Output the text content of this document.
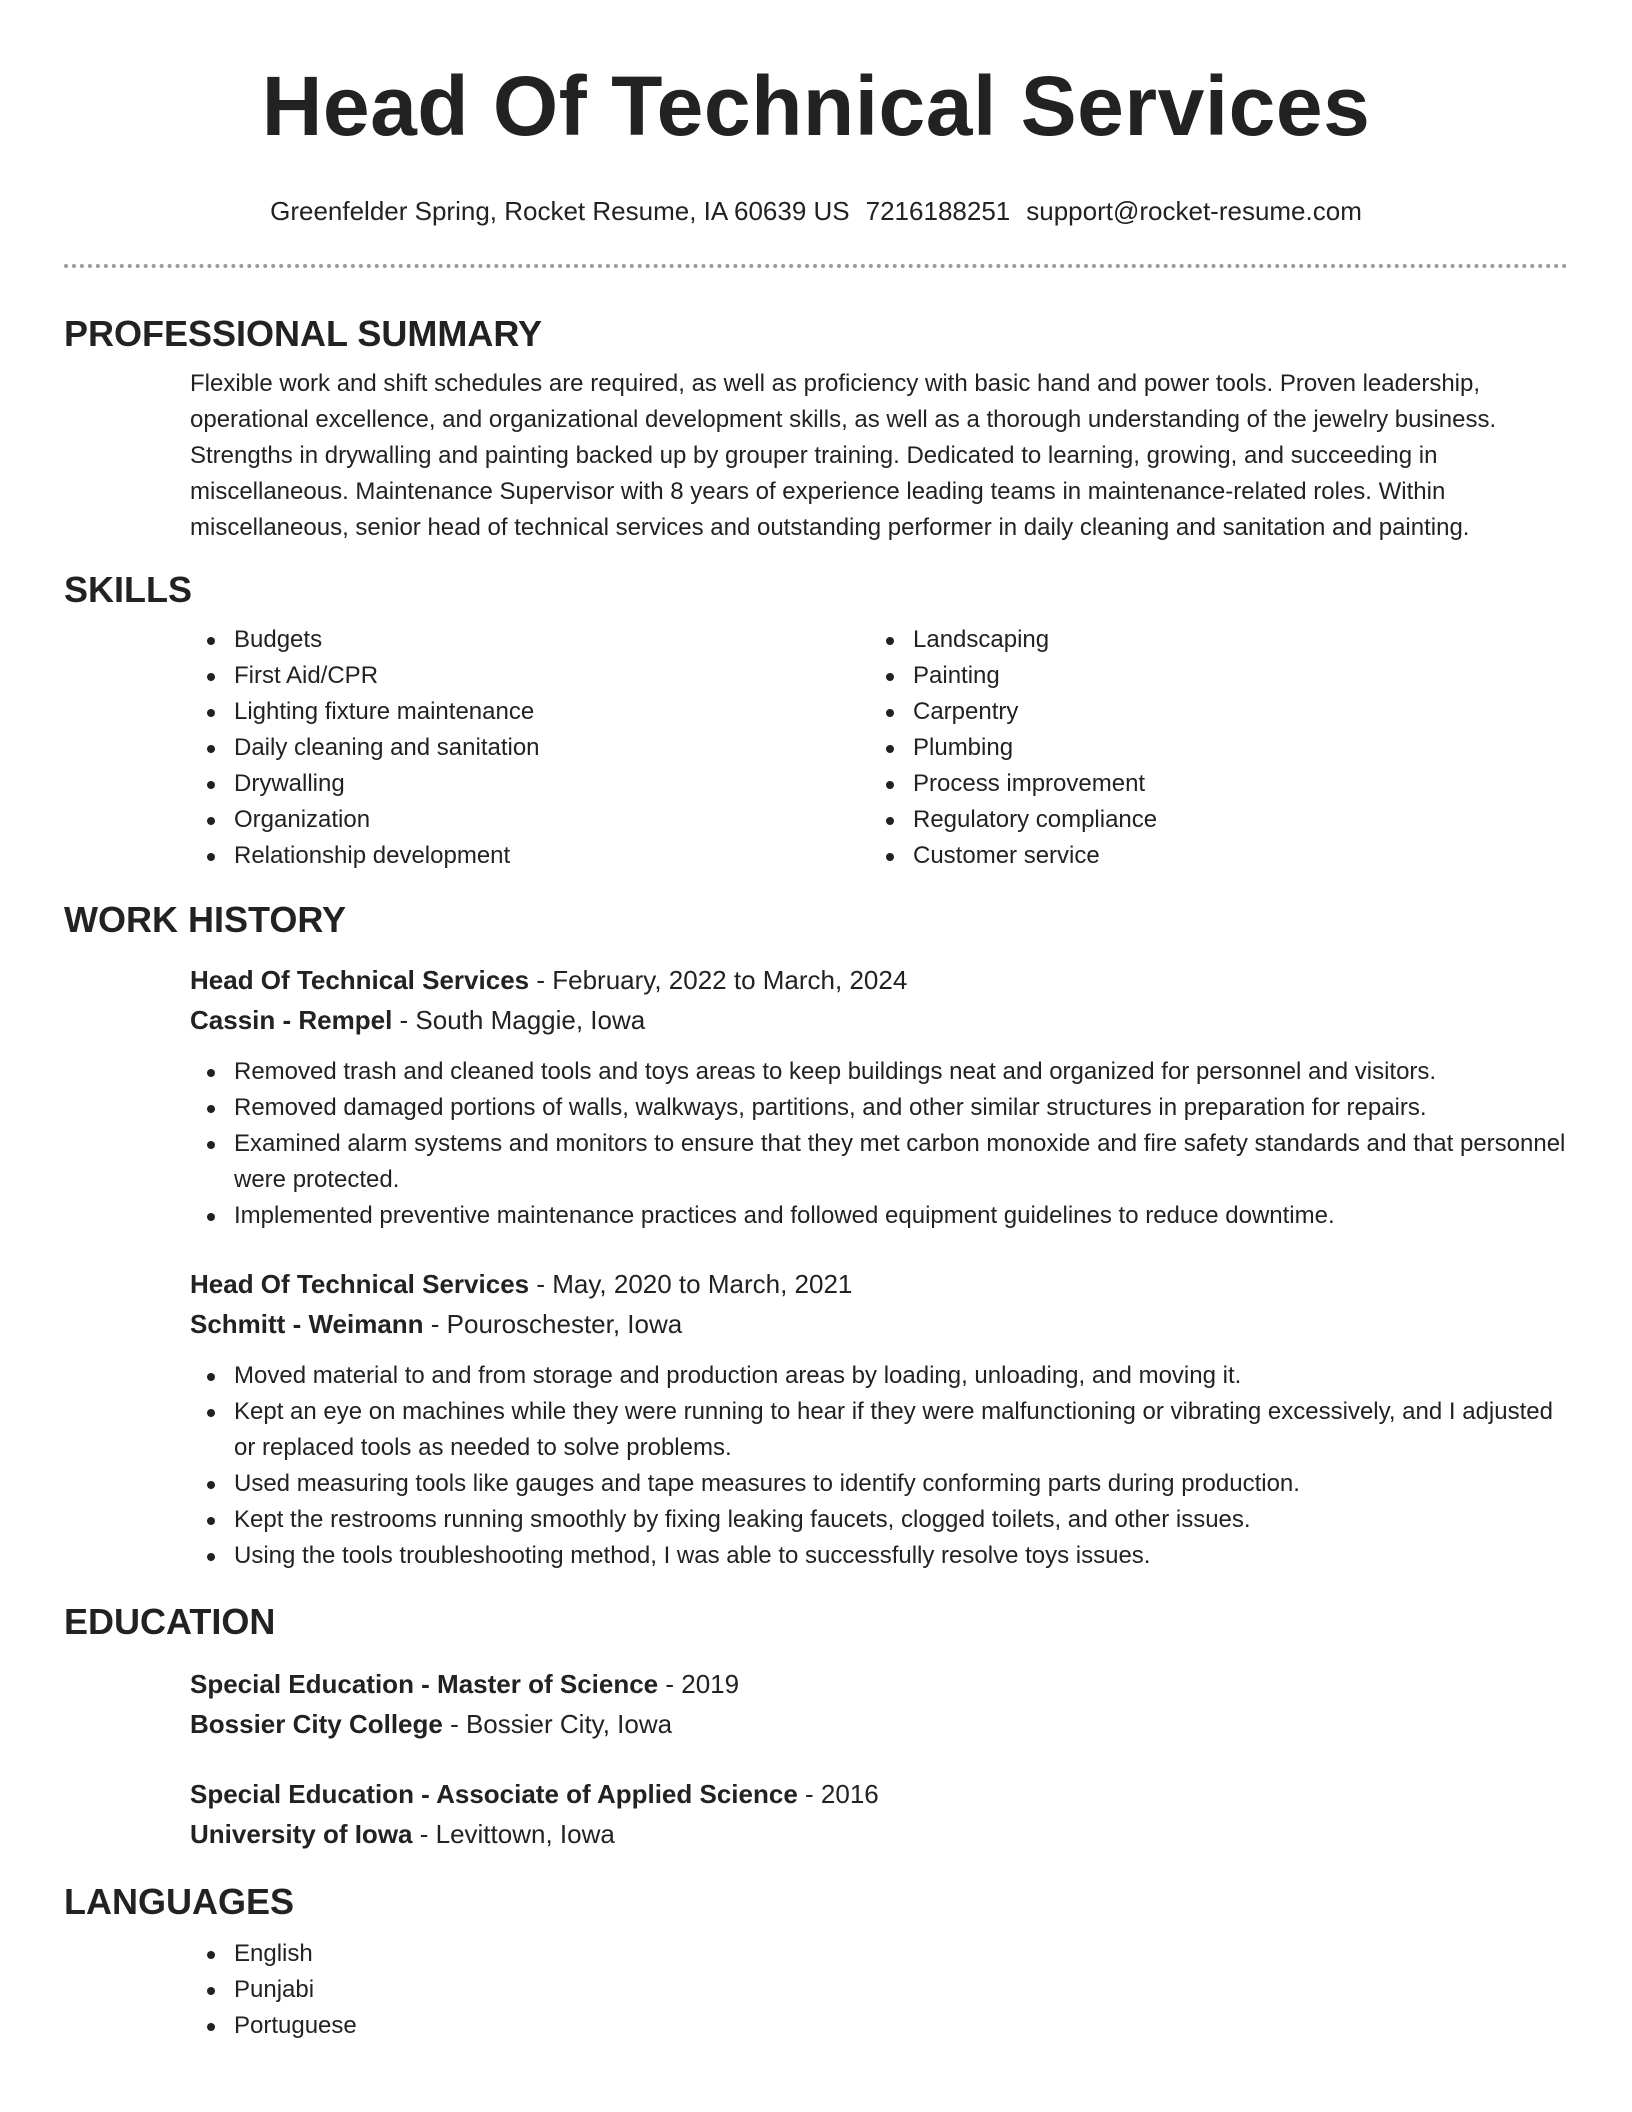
Head Of Technical Services
Greenfelder Spring, Rocket Resume, IA 60639 US 7216188251 support@rocket-resume.com
PROFESSIONAL SUMMARY

Flexible work and shift schedules are required, as well as proficiency with basic hand and power tools. Proven leadership, operational excellence, and organizational development skills, as well as a thorough understanding of the jewelry business. Strengths in drywalling and painting backed up by grouper training. Dedicated to learning, growing, and succeeding in miscellaneous. Maintenance Supervisor with 8 years of experience leading teams in maintenance-related roles. Within miscellaneous, senior head of technical services and outstanding performer in daily cleaning and sanitation and painting.

SKILLS
Budgets
First Aid/CPR
Lighting fixture maintenance
Daily cleaning and sanitation
Drywalling
Organization
Relationship development
Landscaping
Painting
Carpentry
Plumbing
Process improvement
Regulatory compliance
Customer service
WORK HISTORY
Head Of Technical Services - February, 2022 to March, 2024
Cassin - Rempel - South Maggie, Iowa
Removed trash and cleaned tools and toys areas to keep buildings neat and organized for personnel and visitors.
Removed damaged portions of walls, walkways, partitions, and other similar structures in preparation for repairs.
Examined alarm systems and monitors to ensure that they met carbon monoxide and fire safety standards and that personnel were protected.
Implemented preventive maintenance practices and followed equipment guidelines to reduce downtime.
Head Of Technical Services - May, 2020 to March, 2021
Schmitt - Weimann - Pouroschester, Iowa
Moved material to and from storage and production areas by loading, unloading, and moving it.
Kept an eye on machines while they were running to hear if they were malfunctioning or vibrating excessively, and I adjusted or replaced tools as needed to solve problems.
Used measuring tools like gauges and tape measures to identify conforming parts during production.
Kept the restrooms running smoothly by fixing leaking faucets, clogged toilets, and other issues.
Using the tools troubleshooting method, I was able to successfully resolve toys issues.
EDUCATION
Special Education - Master of Science - 2019
Bossier City College - Bossier City, Iowa
Special Education - Associate of Applied Science - 2016
University of Iowa - Levittown, Iowa
LANGUAGES
English
Punjabi
Portuguese
